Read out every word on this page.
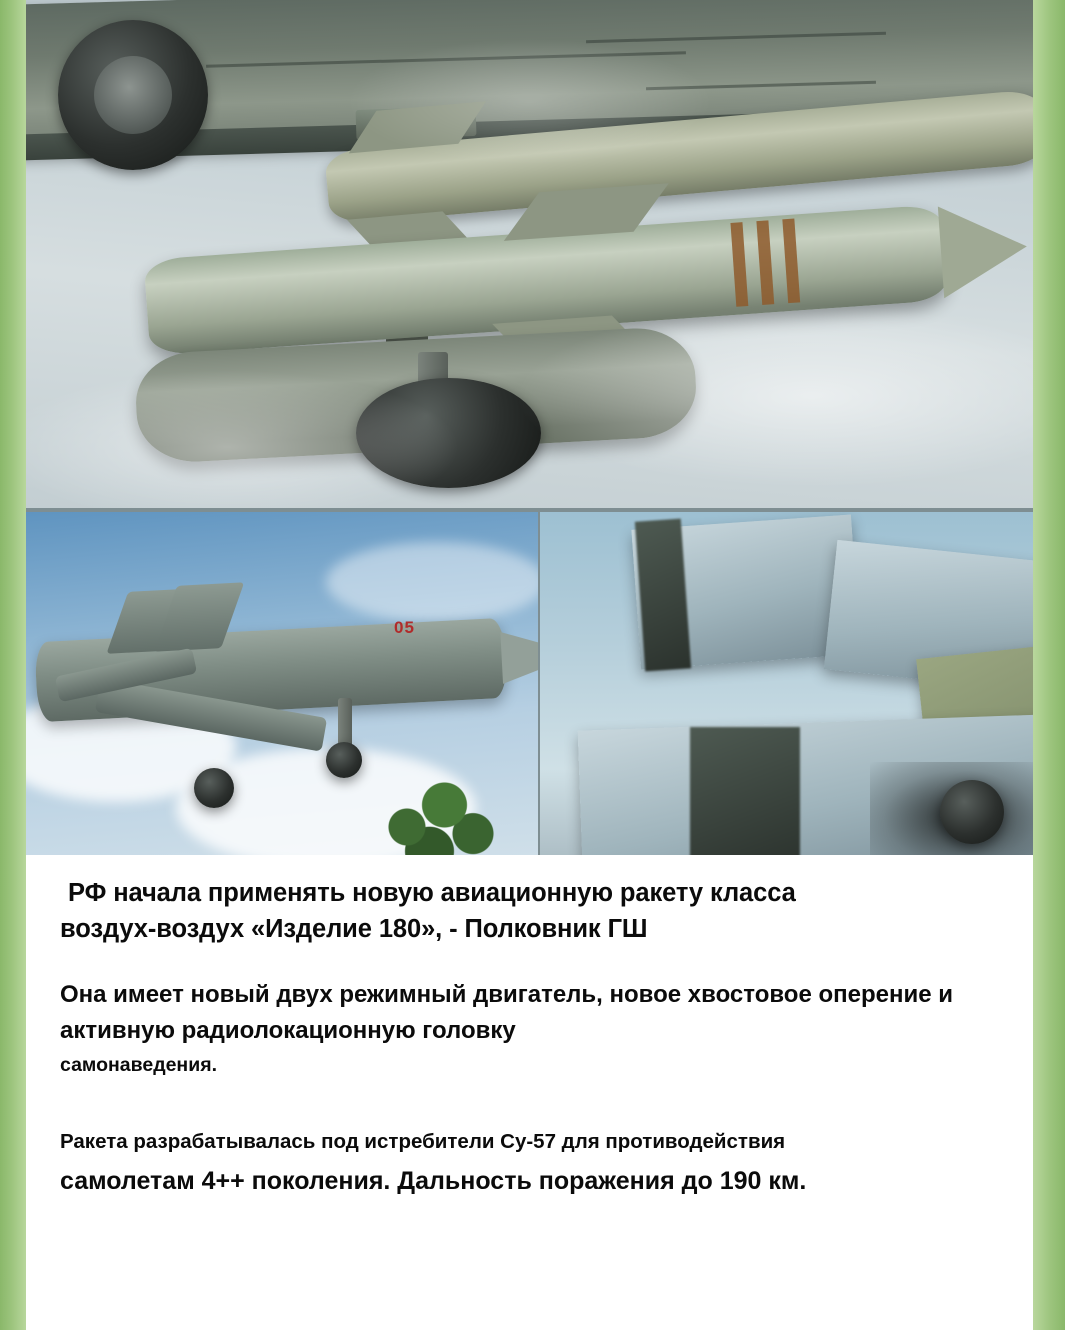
05
РФ начала применять новую авиационную ракету класса
воздух-воздух «Изделие 180», - Полковник ГШ

Она имеет новый двух режимный двигатель, новое хвостовое оперение и активную радиолокационную головку
самонаведения.

Ракета разрабатывалась под истребители Су-57 для противодействия
самолетам 4++ поколения. Дальность поражения до 190 км.
